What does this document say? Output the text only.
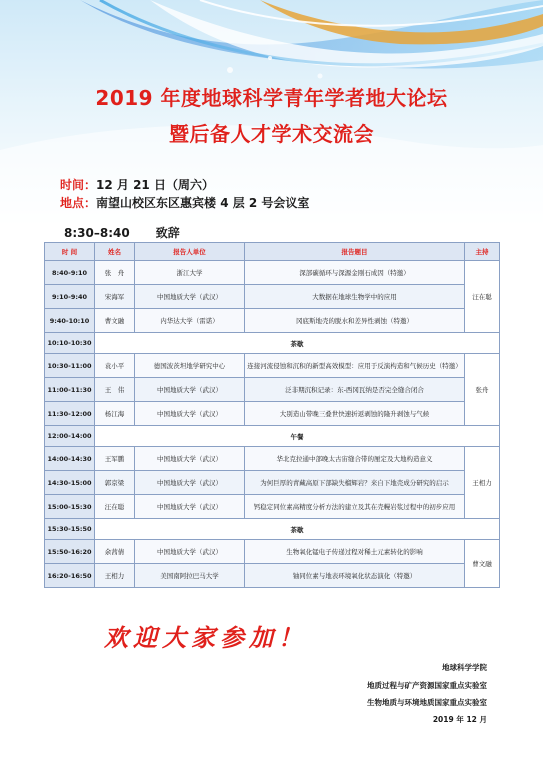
2019 年度地球科学青年学者地大论坛
暨后备人才学术交流会
时间：12 月 21 日（周六）
地点：南望山校区东区惠宾楼 4 层 2 号会议室
8:30–8:40 致辞
时 间	姓名	报告人单位	报告题目	主持
8:40-9:10	张　舟	浙江大学	深部碳循环与深源金刚石成因（特邀）	汪在聪
9:10-9:40	宋海军	中国地质大学（武汉）	大数据在地球生物学中的应用	
9:40-10:10	曹文融	内华达大学（雷诺）	冈底斯地壳的脱水和差异性剥蚀（特邀）	
10:10-10:30	茶歇			
10:30-11:00	袁小平	德国波茨坦地学研究中心	连接河流侵蚀和沉积的新型高效模型：应用于反演构造和气候历史（特邀）	张舟
11:00-11:30	王　伟	中国地质大学（武汉）	泛非期沉积记录：东-西冈瓦纳是否完全缝合闭合	
11:30-12:00	杨江海	中国地质大学（武汉）	大别造山带晚三叠世快速折返剥蚀的隆升剥蚀与气候	
12:00-14:00	午餐			
14:00-14:30	王军鹏	中国地质大学（武汉）	华北克拉通中部晚太古宙缝合带的厘定及大地构造意义	王相力
14:30-15:00	郭京梁	中国地质大学（武汉）	为何巨厚的青藏高原下部缺失榴辉岩？来自下地壳成分研究的启示	
15:00-15:30	汪在聪	中国地质大学（武汉）	钙稳定同位素高精度分析方法的建立及其在壳幔岩浆过程中的初步应用	
15:30-15:50	茶歇			
15:50-16:20	余茜倩	中国地质大学（武汉）	生物氧化锰电子传递过程对稀土元素转化的影响	曹文融
16:20-16:50	王相力	美国南阿拉巴马大学	铀同位素与地表环境氧化状态演化（特邀）	
欢迎大家参加！
地球科学学院
地质过程与矿产资源国家重点实验室
生物地质与环境地质国家重点实验室
2019 年 12 月
